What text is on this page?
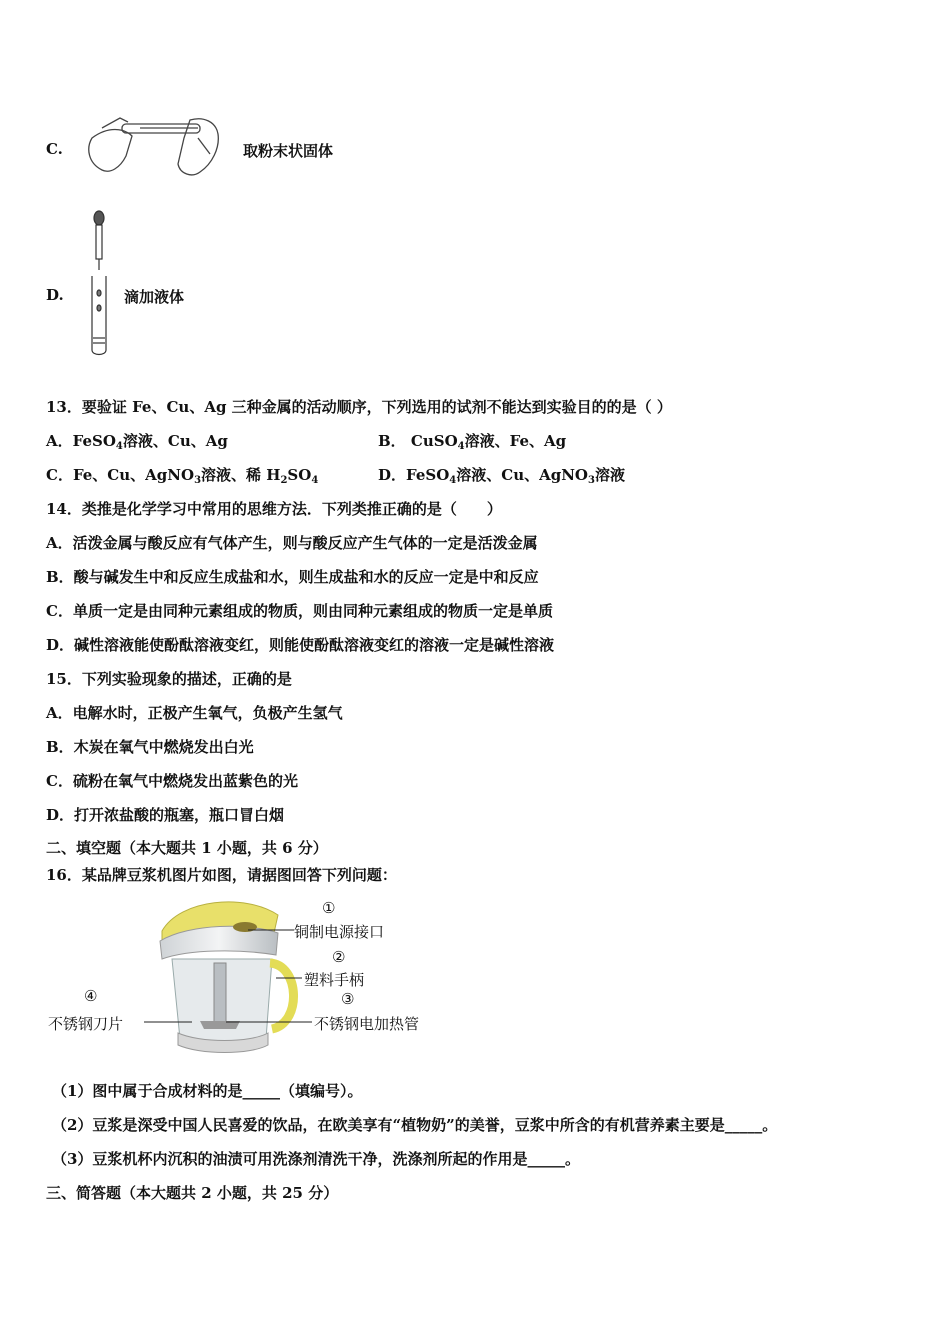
C.	取粉末状固体
D.	滴加液体
13．要验证 Fe、Cu、Ag 三种金属的活动顺序，下列选用的试剂不能达到实验目的的是（ ）
A．FeSO$_4$溶液、Cu、Ag	B． CuSO$_4$溶液、Fe、Ag
C．Fe、Cu、AgNO$_3$溶液、稀 $H_2SO_4$	D．FeSO$_4$溶液、Cu、AgNO$_3$溶液
14．类推是化学学习中常用的思维方法．下列类推正确的是（　　）
A．活泼金属与酸反应有气体产生，则与酸反应产生气体的一定是活泼金属
B．酸与碱发生中和反应生成盐和水，则生成盐和水的反应一定是中和反应
C．单质一定是由同种元素组成的物质，则由同种元素组成的物质一定是单质
D．碱性溶液能使酚酞溶液变红，则能使酚酞溶液变红的溶液一定是碱性溶液
15．下列实验现象的描述，正确的是
A．电解水时，正极产生氧气，负极产生氢气
B．木炭在氧气中燃烧发出白光
C．硫粉在氧气中燃烧发出蓝紫色的光
D．打开浓盐酸的瓶塞，瓶口冒白烟
二、填空题（本大题共 1 小题，共 6 分）
16．某品牌豆浆机图片如图，请据图回答下列问题：
①
铜制电源接口
②
塑料手柄
③
不锈钢电加热管
④
不锈钢刀片
（1）图中属于合成材料的是_____（填编号）。
（2）豆浆是深受中国人民喜爱的饮品，在欧美享有“植物奶”的美誉，豆浆中所含的有机营养素主要是_____。
（3）豆浆机杯内沉积的油渍可用洗涤剂清洗干净，洗涤剂所起的作用是_____。
三、简答题（本大题共 2 小题，共 25 分）
